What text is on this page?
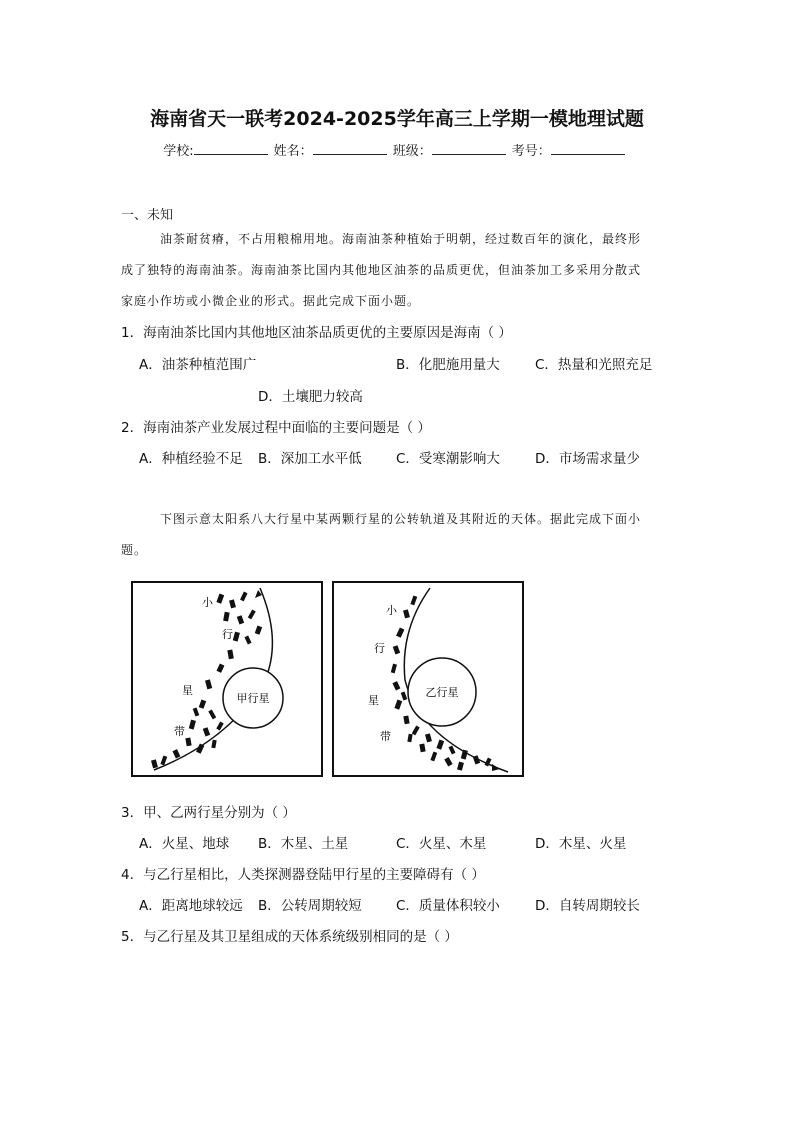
海南省天一联考2024-2025学年高三上学期一模地理试题
学校:	姓名：	班级：	考号：
一、未知
油茶耐贫瘠，不占用粮棉用地。海南油茶种植始于明朝，经过数百年的演化，最终形
成了独特的海南油茶。海南油茶比国内其他地区油茶的品质更优，但油茶加工多采用分散式
家庭小作坊或小微企业的形式。据此完成下面小题。
1．海南油茶比国内其他地区油茶品质更优的主要原因是海南（ ）
A．油茶种植范围广	B．化肥施用量大	C．热量和光照充足
D．土壤肥力较高
2．海南油茶产业发展过程中面临的主要问题是（ ）
A．种植经验不足 B．深加工水平低	C．受寒潮影响大	D．市场需求量少
下图示意太阳系八大行星中某两颗行星的公转轨道及其附近的天体。据此完成下面小
题。
甲行星
小
行
星
带
乙行星
小
行
星
带
3．甲、乙两行星分别为（ ）
A．火星、地球 B．木星、土星	C．火星、木星	D．木星、火星
4．与乙行星相比，人类探测器登陆甲行星的主要障碍有（ ）
A．距离地球较远 B．公转周期较短	C．质量体积较小	D．自转周期较长
5．与乙行星及其卫星组成的天体系统级别相同的是（ ）
